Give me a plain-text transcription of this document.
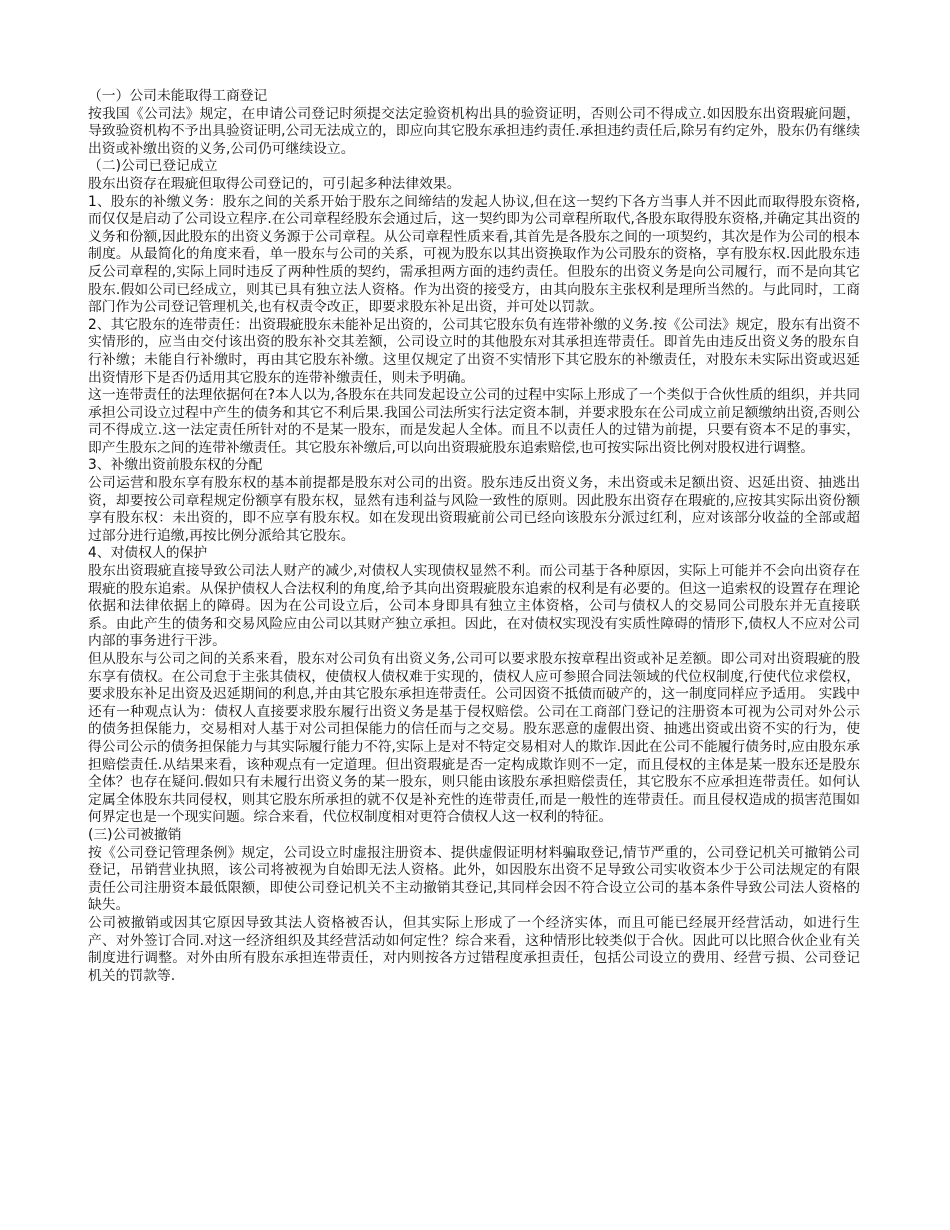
（一）公司未能取得工商登记

按我国《公司法》规定，在申请公司登记时须提交法定验资机构出具的验资证明，否则公司不得成立.如因股东出资瑕疵问题，导致验资机构不予出具验资证明,公司无法成立的，即应向其它股东承担违约责任.承担违约责任后,除另有约定外，股东仍有继续出资或补缴出资的义务,公司仍可继续设立。

（二)公司已登记成立

股东出资存在瑕疵但取得公司登记的，可引起多种法律效果。

1、股东的补缴义务：股东之间的关系开始于股东之间缔结的发起人协议,但在这一契约下各方当事人并不因此而取得股东资格,而仅仅是启动了公司设立程序.在公司章程经股东会通过后，这一契约即为公司章程所取代,各股东取得股东资格,并确定其出资的义务和份额,因此股东的出资义务源于公司章程。从公司章程性质来看,其首先是各股东之间的一项契约，其次是作为公司的根本制度。从最简化的角度来看，单一股东与公司的关系，可视为股东以其出资换取作为公司股东的资格，享有股东权.因此股东违反公司章程的,实际上同时违反了两种性质的契约，需承担两方面的违约责任。但股东的出资义务是向公司履行，而不是向其它股东.假如公司已经成立，则其已具有独立法人资格。作为出资的接受方，由其向股东主张权利是理所当然的。与此同时，工商部门作为公司登记管理机关,也有权责令改正，即要求股东补足出资，并可处以罚款。

2、其它股东的连带责任：出资瑕疵股东未能补足出资的，公司其它股东负有连带补缴的义务.按《公司法》规定，股东有出资不实情形的，应当由交付该出资的股东补交其差额，公司设立时的其他股东对其承担连带责任。即首先由违反出资义务的股东自行补缴；未能自行补缴时，再由其它股东补缴。这里仅规定了出资不实情形下其它股东的补缴责任，对股东未实际出资或迟延出资情形下是否仍适用其它股东的连带补缴责任，则未予明确。

这一连带责任的法理依据何在?本人以为,各股东在共同发起设立公司的过程中实际上形成了一个类似于合伙性质的组织，并共同承担公司设立过程中产生的债务和其它不利后果.我国公司法所实行法定资本制，并要求股东在公司成立前足额缴纳出资,否则公司不得成立.这一法定责任所针对的不是某一股东，而是发起人全体。而且不以责任人的过错为前提，只要有资本不足的事实，即产生股东之间的连带补缴责任。其它股东补缴后,可以向出资瑕疵股东追索赔偿,也可按实际出资比例对股权进行调整。

3、补缴出资前股东权的分配

公司运营和股东享有股东权的基本前提都是股东对公司的出资。股东违反出资义务，未出资或未足额出资、迟延出资、抽逃出资，却要按公司章程规定份额享有股东权，显然有违利益与风险一致性的原则。因此股东出资存在瑕疵的,应按其实际出资份额享有股东权：未出资的，即不应享有股东权。如在发现出资瑕疵前公司已经向该股东分派过红利，应对该部分收益的全部或超过部分进行追缴,再按比例分派给其它股东。

4、对债权人的保护

股东出资瑕疵直接导致公司法人财产的减少,对债权人实现债权显然不利。而公司基于各种原因，实际上可能并不会向出资存在瑕疵的股东追索。从保护债权人合法权利的角度,给予其向出资瑕疵股东追索的权利是有必要的。但这一追索权的设置存在理论依据和法律依据上的障碍。因为在公司设立后，公司本身即具有独立主体资格，公司与债权人的交易同公司股东并无直接联系。由此产生的债务和交易风险应由公司以其财产独立承担。因此，在对债权实现没有实质性障碍的情形下,债权人不应对公司内部的事务进行干涉。

但从股东与公司之间的关系来看，股东对公司负有出资义务,公司可以要求股东按章程出资或补足差额。即公司对出资瑕疵的股东享有债权。在公司怠于主张其债权，使债权人债权难于实现的，债权人应可参照合同法领域的代位权制度,行使代位求偿权，要求股东补足出资及迟延期间的利息,并由其它股东承担连带责任。公司因资不抵债而破产的，这一制度同样应予适用。 实践中还有一种观点认为：债权人直接要求股东履行出资义务是基于侵权赔偿。公司在工商部门登记的注册资本可视为公司对外公示的债务担保能力，交易相对人基于对公司担保能力的信任而与之交易。股东恶意的虚假出资、抽逃出资或出资不实的行为，使得公司公示的债务担保能力与其实际履行能力不符,实际上是对不特定交易相对人的欺诈.因此在公司不能履行债务时,应由股东承担赔偿责任.从结果来看，该种观点有一定道理。但出资瑕疵是否一定构成欺诈则不一定，而且侵权的主体是某一股东还是股东全体？也存在疑问.假如只有未履行出资义务的某一股东，则只能由该股东承担赔偿责任，其它股东不应承担连带责任。如何认定属全体股东共同侵权，则其它股东所承担的就不仅是补充性的连带责任,而是一般性的连带责任。而且侵权造成的损害范围如何界定也是一个现实问题。综合来看，代位权制度相对更符合债权人这一权利的特征。

(三)公司被撤销

按《公司登记管理条例》规定，公司设立时虚报注册资本、提供虚假证明材料骗取登记,情节严重的，公司登记机关可撤销公司登记，吊销营业执照，该公司将被视为自始即无法人资格。此外，如因股东出资不足导致公司实收资本少于公司法规定的有限责任公司注册资本最低限额，即使公司登记机关不主动撤销其登记,其同样会因不符合设立公司的基本条件导致公司法人资格的缺失。

公司被撤销或因其它原因导致其法人资格被否认，但其实际上形成了一个经济实体，而且可能已经展开经营活动，如进行生产、对外签订合同.对这一经济组织及其经营活动如何定性？综合来看，这种情形比较类似于合伙。因此可以比照合伙企业有关制度进行调整。对外由所有股东承担连带责任，对内则按各方过错程度承担责任，包括公司设立的费用、经营亏损、公司登记机关的罚款等.
